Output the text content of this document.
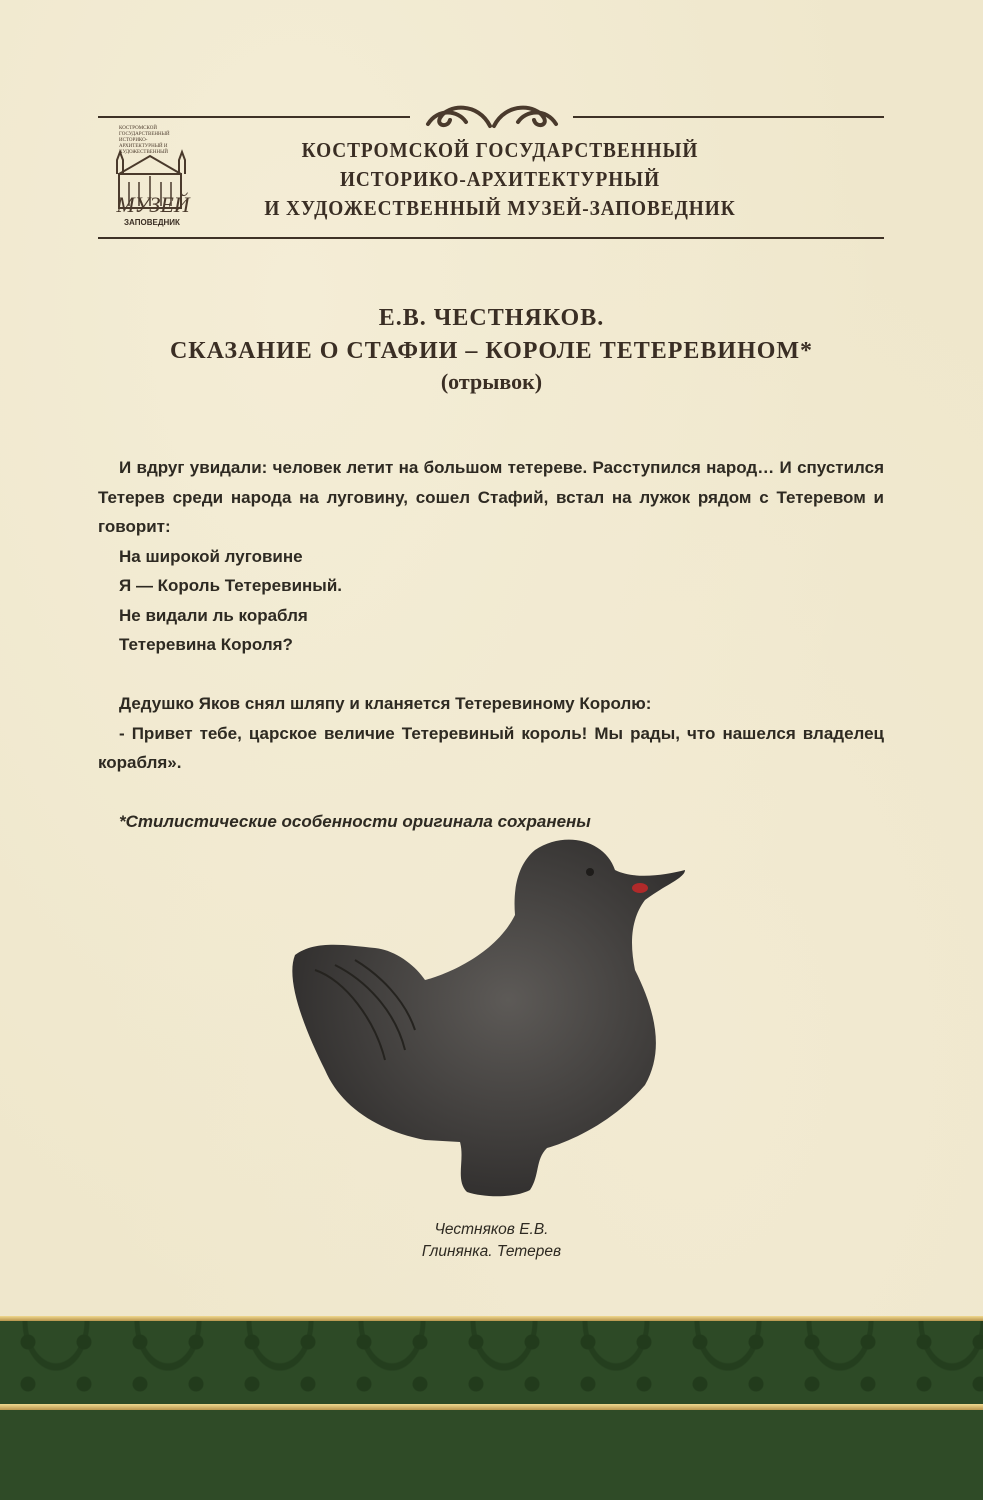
КОСТРОМСКОЙ ГОСУДАРСТВЕННЫЙ ИСТОРИКО-АРХИТЕКТУРНЫЙ И ХУДОЖЕСТВЕННЫЙ
МУЗЕЙ
ЗАПОВЕДНИК
КОСТРОМСКОЙ ГОСУДАРСТВЕННЫЙ
ИСТОРИКО-АРХИТЕКТУРНЫЙ
И ХУДОЖЕСТВЕННЫЙ МУЗЕЙ-ЗАПОВЕДНИК
Е.В. ЧЕСТНЯКОВ.
СКАЗАНИЕ О СТАФИИ – КОРОЛЕ ТЕТЕРЕВИНОМ*
(отрывок)

И вдруг увидали: человек летит на большом тетереве. Расступился народ… И спустился Тетерев среди народа на луговину, сошел Стафий, встал на лужок рядом с Тетеревом и говорит:

На широкой луговине

Я — Король Тетеревиный.

Не видали ль корабля

Тетеревина Короля?

Дедушко Яков снял шляпу и кланяется Тетеревиному Королю:

- Привет тебе, царское величие Тетеревиный король! Мы рады, что нашелся владелец корабля».

*Стилистические особенности оригинала сохранены

Честняков Е.В.
Глинянка. Тетерев
